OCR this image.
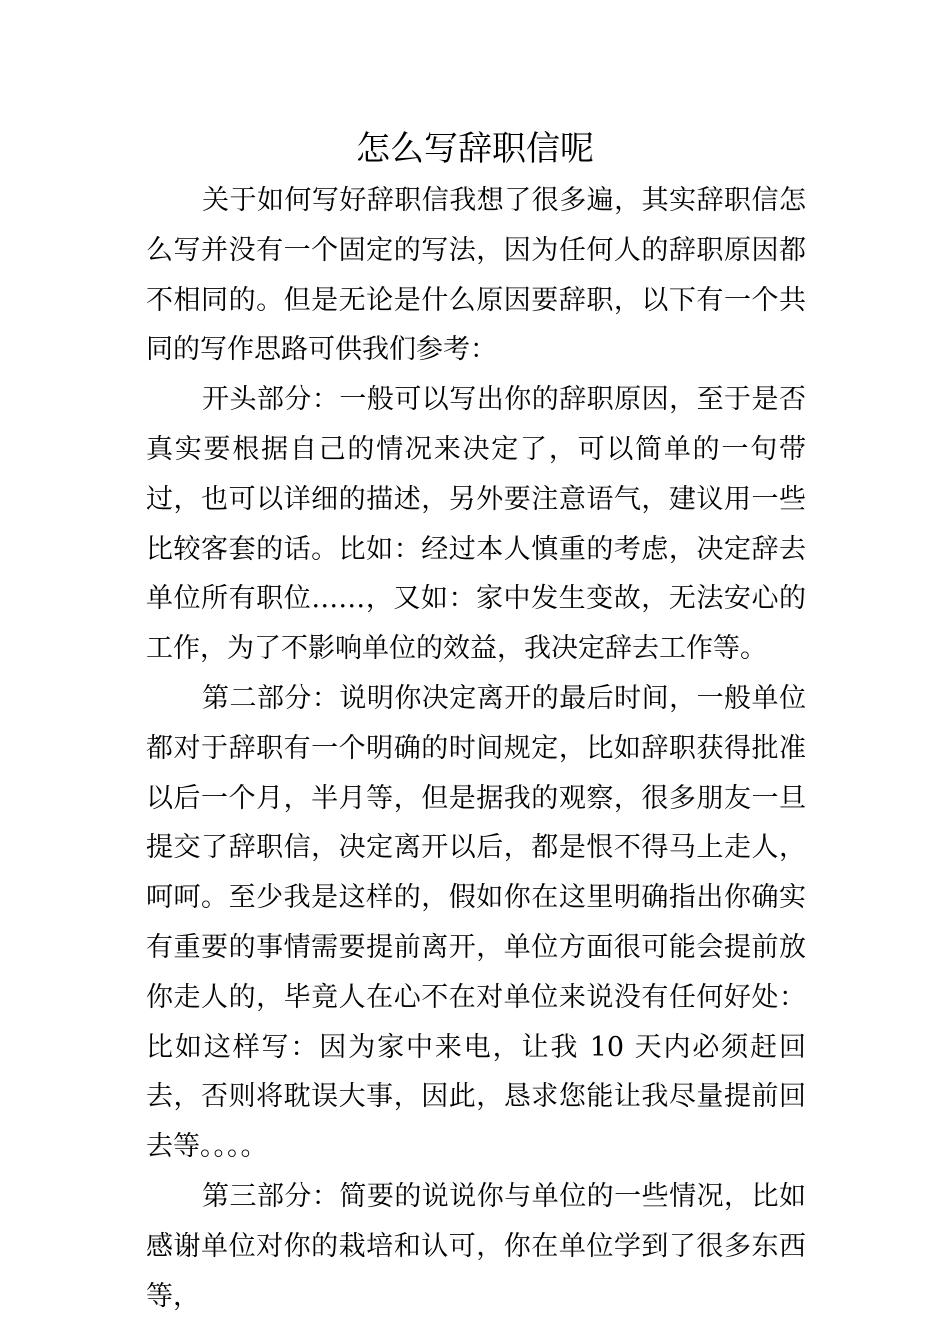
怎么写辞职信呢

关于如何写好辞职信我想了很多遍，其实辞职信怎么写并没有一个固定的写法，因为任何人的辞职原因都不相同的。但是无论是什么原因要辞职，以下有一个共同的写作思路可供我们参考：

开头部分：一般可以写出你的辞职原因，至于是否真实要根据自己的情况来决定了，可以简单的一句带过，也可以详细的描述，另外要注意语气，建议用一些比较客套的话。比如：经过本人慎重的考虑，决定辞去单位所有职位……，又如：家中发生变故，无法安心的工作，为了不影响单位的效益，我决定辞去工作等。

第二部分：说明你决定离开的最后时间，一般单位都对于辞职有一个明确的时间规定，比如辞职获得批准以后一个月，半月等，但是据我的观察，很多朋友一旦提交了辞职信，决定离开以后，都是恨不得马上走人，呵呵。至少我是这样的，假如你在这里明确指出你确实有重要的事情需要提前离开，单位方面很可能会提前放你走人的，毕竟人在心不在对单位来说没有任何好处：比如这样写：因为家中来电，让我 10 天内必须赶回去，否则将耽误大事，因此，恳求您能让我尽量提前回去等。。。。

第三部分：简要的说说你与单位的一些情况，比如感谢单位对你的栽培和认可，你在单位学到了很多东西等，
